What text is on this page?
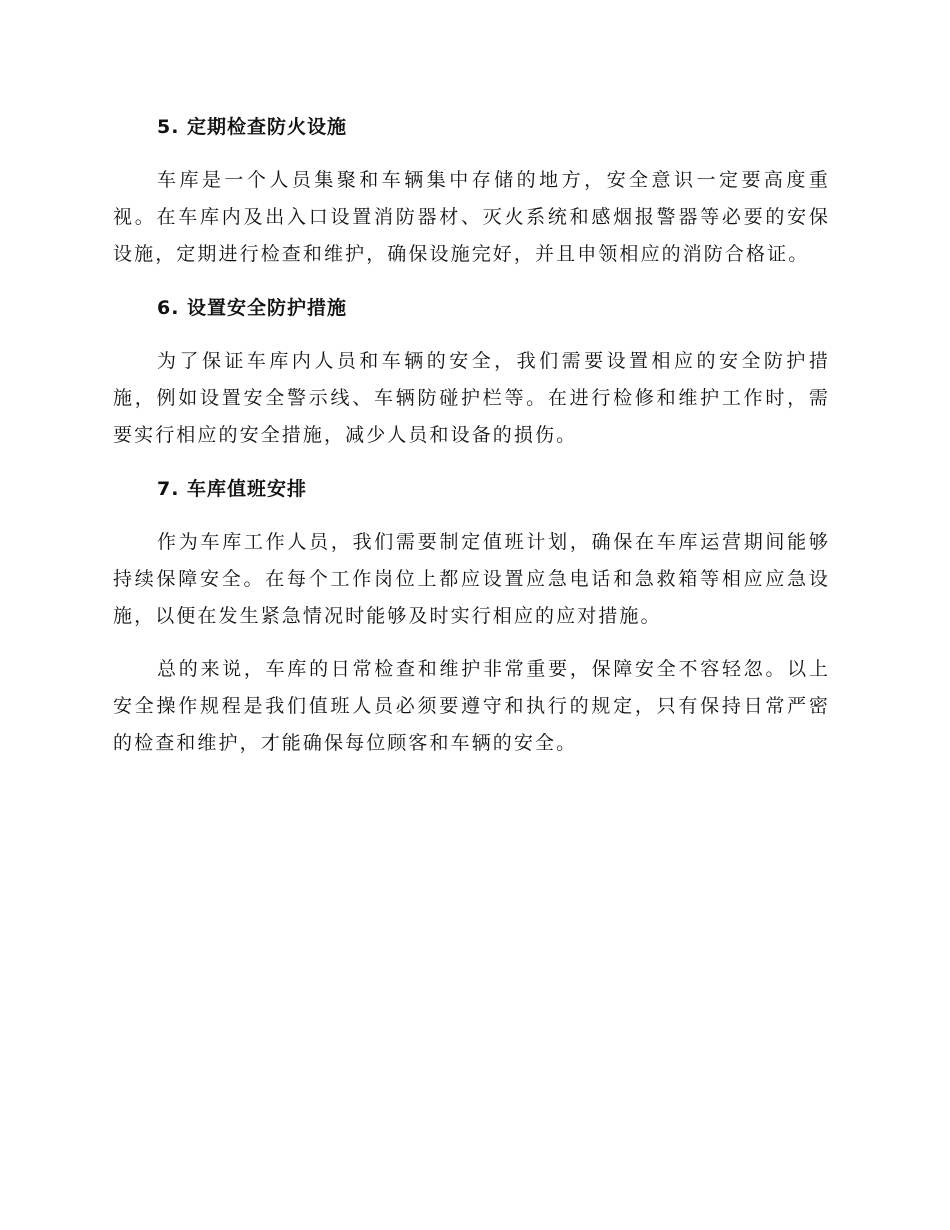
5. 定期检查防火设施

车库是一个人员集聚和车辆集中存储的地方，安全意识一定要高度重视。在车库内及出入口设置消防器材、灭火系统和感烟报警器等必要的安保设施，定期进行检查和维护，确保设施完好，并且申领相应的消防合格证。

6. 设置安全防护措施

为了保证车库内人员和车辆的安全，我们需要设置相应的安全防护措施，例如设置安全警示线、车辆防碰护栏等。在进行检修和维护工作时，需要实行相应的安全措施，减少人员和设备的损伤。

7. 车库值班安排

作为车库工作人员，我们需要制定值班计划，确保在车库运营期间能够持续保障安全。在每个工作岗位上都应设置应急电话和急救箱等相应应急设施，以便在发生紧急情况时能够及时实行相应的应对措施。

总的来说，车库的日常检查和维护非常重要，保障安全不容轻忽。以上安全操作规程是我们值班人员必须要遵守和执行的规定，只有保持日常严密的检查和维护，才能确保每位顾客和车辆的安全。
